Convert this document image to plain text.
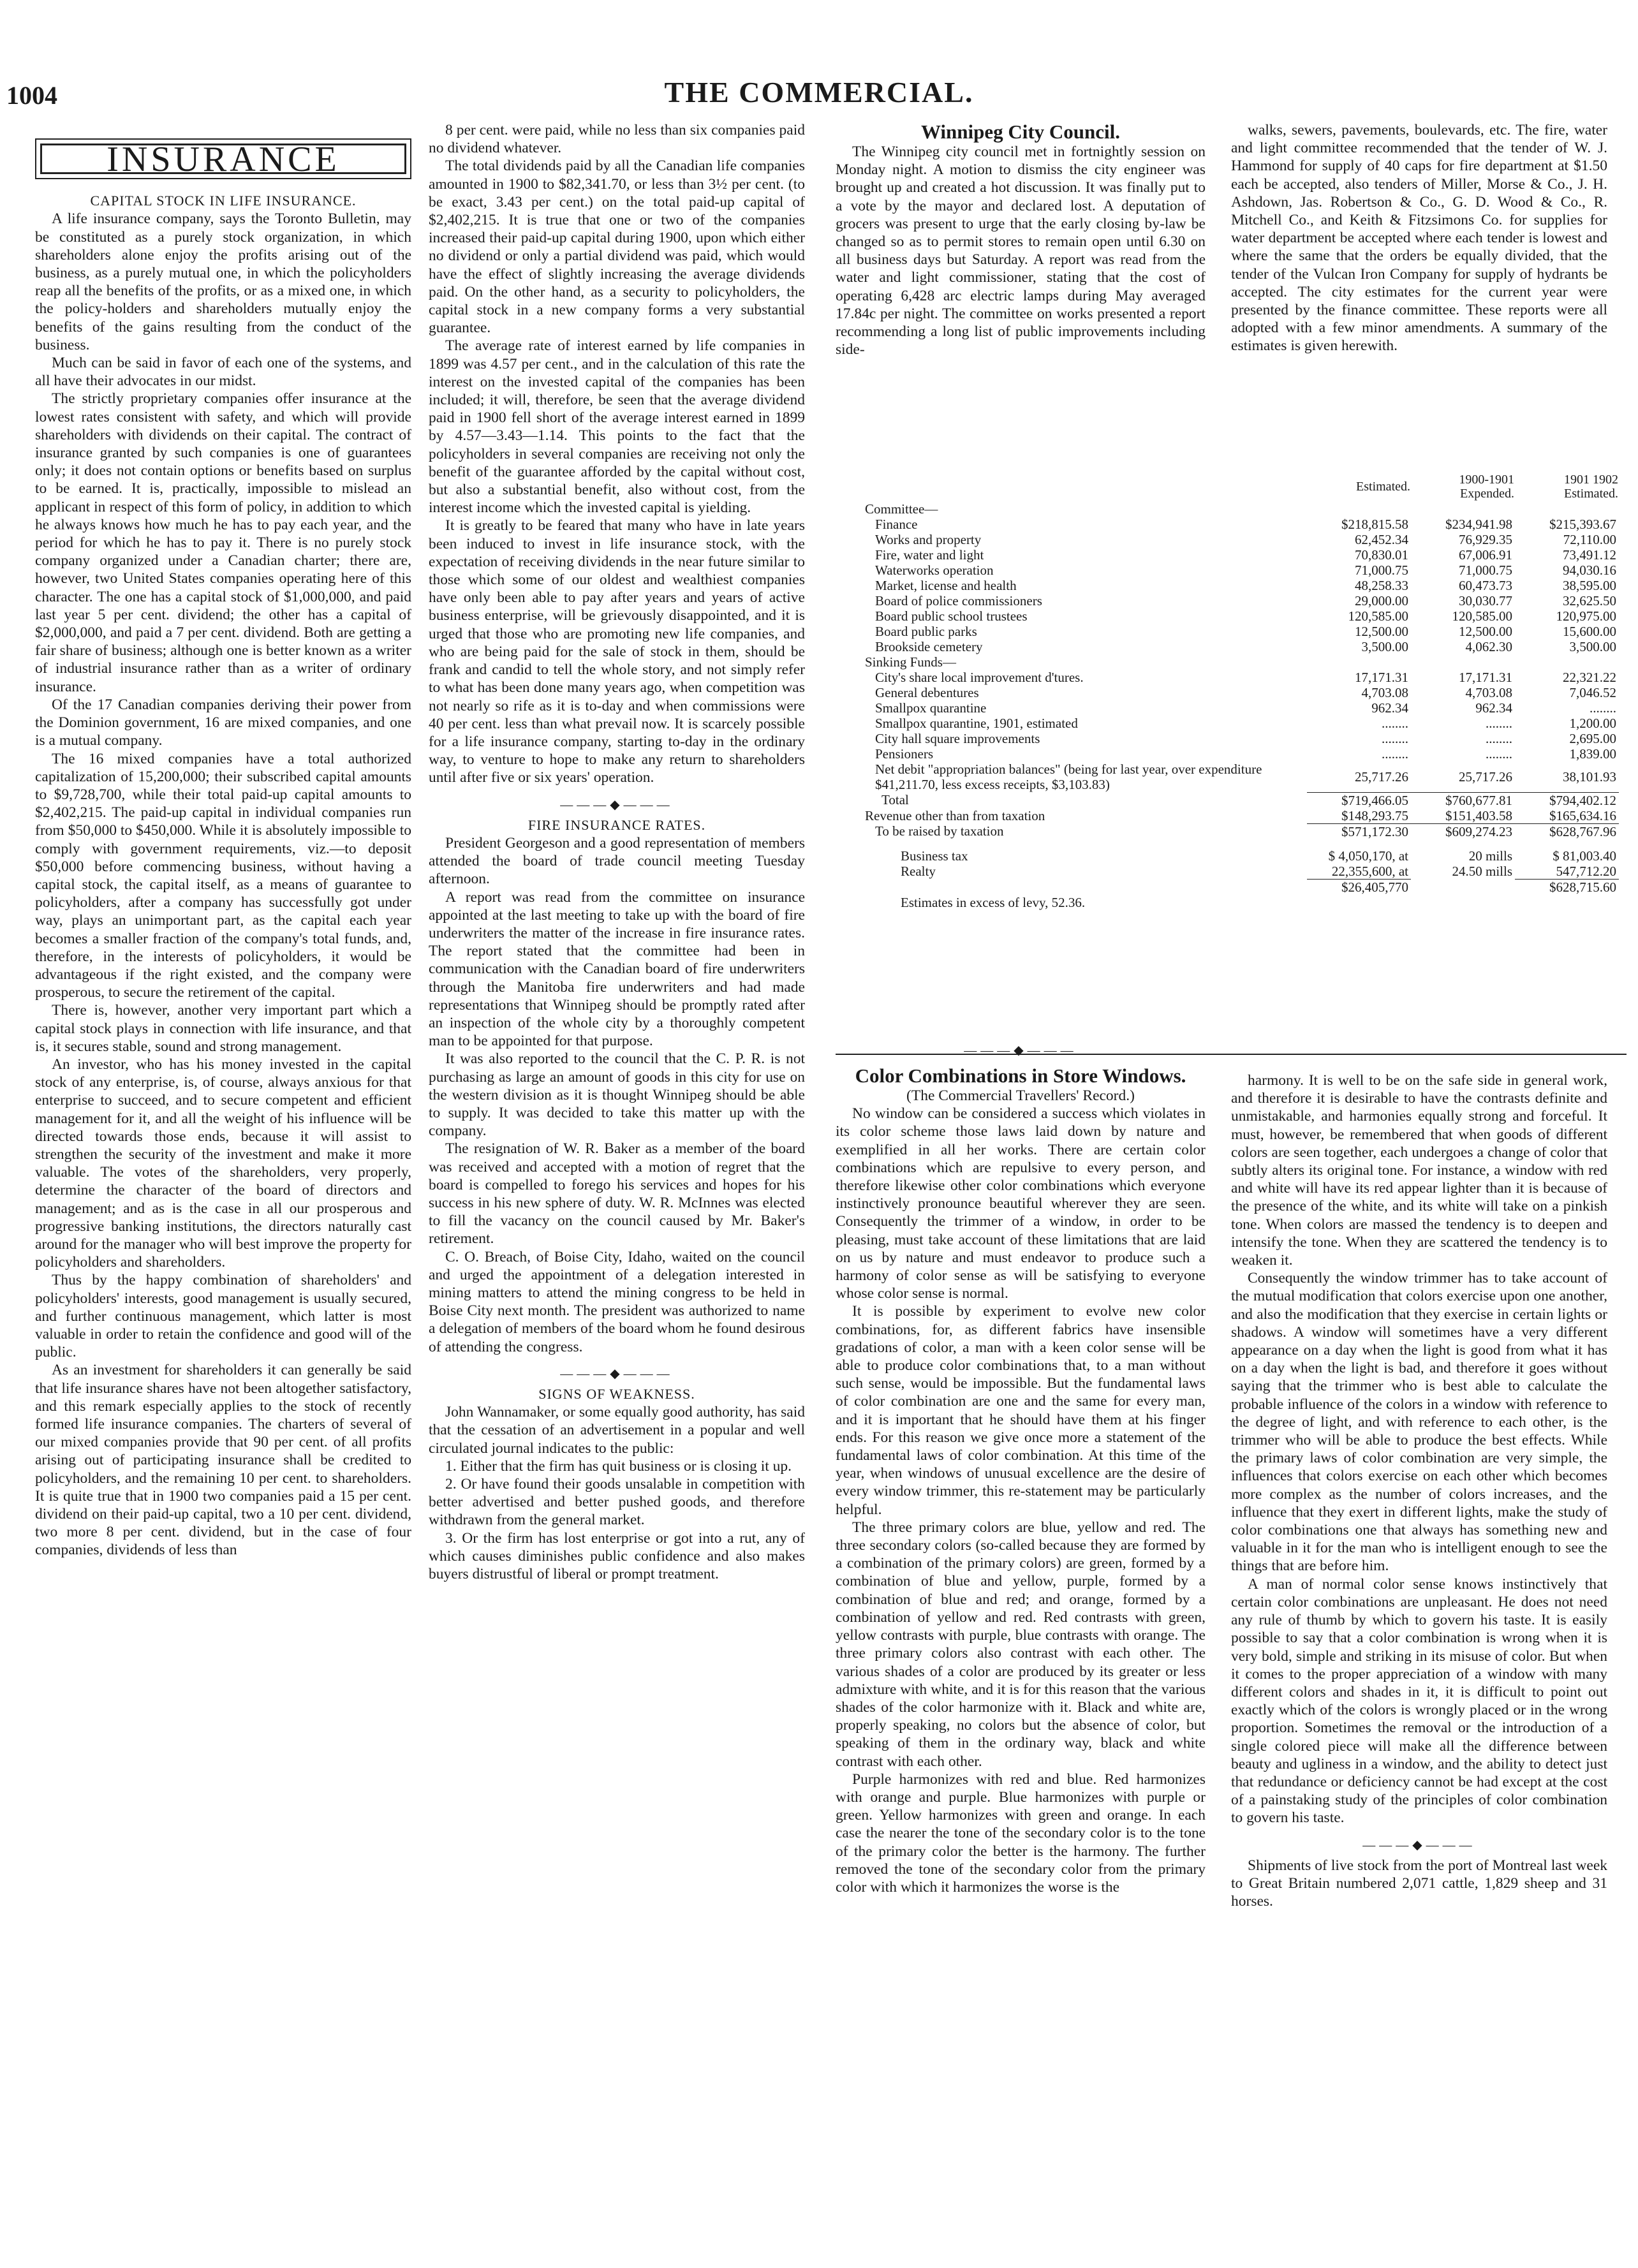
1004	THE COMMERCIAL.
INSURANCE

CAPITAL STOCK IN LIFE INSURANCE.

A life insurance company, says the Toronto Bulletin, may be constituted as a purely stock organization, in which shareholders alone enjoy the profits arising out of the business, as a purely mutual one, in which the policyholders reap all the benefits of the profits, or as a mixed one, in which the policy-holders and shareholders mutually enjoy the benefits of the gains resulting from the conduct of the business.

Much can be said in favor of each one of the systems, and all have their advocates in our midst.

The strictly proprietary companies offer insurance at the lowest rates consistent with safety, and which will provide shareholders with dividends on their capital. The contract of insurance granted by such companies is one of guarantees only; it does not contain options or benefits based on surplus to be earned. It is, practically, impossible to mislead an applicant in respect of this form of policy, in addition to which he always knows how much he has to pay each year, and the period for which he has to pay it. There is no purely stock company organized under a Canadian charter; there are, however, two United States companies operating here of this character. The one has a capital stock of $1,000,000, and paid last year 5 per cent. dividend; the other has a capital of $2,000,000, and paid a 7 per cent. dividend. Both are getting a fair share of business; although one is better known as a writer of industrial insurance rather than as a writer of ordinary insurance.

Of the 17 Canadian companies deriving their power from the Dominion government, 16 are mixed companies, and one is a mutual company.

The 16 mixed companies have a total authorized capitalization of 15,200,000; their subscribed capital amounts to $9,728,700, while their total paid-up capital amounts to $2,402,215. The paid-up capital in individual companies run from $50,000 to $450,000. While it is absolutely impossible to comply with government requirements, viz.—to deposit $50,000 before commencing business, without having a capital stock, the capital itself, as a means of guarantee to policyholders, after a company has successfully got under way, plays an unimportant part, as the capital each year becomes a smaller fraction of the company's total funds, and, therefore, in the interests of policyholders, it would be advantageous if the right existed, and the company were prosperous, to secure the retirement of the capital.

There is, however, another very important part which a capital stock plays in connection with life insurance, and that is, it secures stable, sound and strong management.

An investor, who has his money invested in the capital stock of any enterprise, is, of course, always anxious for that enterprise to succeed, and to secure competent and efficient management for it, and all the weight of his influence will be directed towards those ends, because it will assist to strengthen the security of the investment and make it more valuable. The votes of the shareholders, very properly, determine the character of the board of directors and management; and as is the case in all our prosperous and progressive banking institutions, the directors naturally cast around for the manager who will best improve the property for policyholders and shareholders.

Thus by the happy combination of shareholders' and policyholders' interests, good management is usually secured, and further continuous management, which latter is most valuable in order to retain the confidence and good will of the public.

As an investment for shareholders it can generally be said that life insurance shares have not been altogether satisfactory, and this remark especially applies to the stock of recently formed life insurance companies. The charters of several of our mixed companies provide that 90 per cent. of all profits arising out of participating insurance shall be credited to policyholders, and the remaining 10 per cent. to shareholders. It is quite true that in 1900 two companies paid a 15 per cent. dividend on their paid-up capital, two a 10 per cent. dividend, two more 8 per cent. dividend, but in the case of four companies, dividends of less than

8 per cent. were paid, while no less than six companies paid no dividend whatever.

The total dividends paid by all the Canadian life companies amounted in 1900 to $82,341.70, or less than 3½ per cent. (to be exact, 3.43 per cent.) on the total paid-up capital of $2,402,215. It is true that one or two of the companies increased their paid-up capital during 1900, upon which either no dividend or only a partial dividend was paid, which would have the effect of slightly increasing the average dividends paid. On the other hand, as a security to policyholders, the capital stock in a new company forms a very substantial guarantee.

The average rate of interest earned by life companies in 1899 was 4.57 per cent., and in the calculation of this rate the interest on the invested capital of the companies has been included; it will, therefore, be seen that the average dividend paid in 1900 fell short of the average interest earned in 1899 by 4.57—3.43—1.14. This points to the fact that the policyholders in several companies are receiving not only the benefit of the guarantee afforded by the capital without cost, but also a substantial benefit, also without cost, from the interest income which the invested capital is yielding.

It is greatly to be feared that many who have in late years been induced to invest in life insurance stock, with the expectation of receiving dividends in the near future similar to those which some of our oldest and wealthiest companies have only been able to pay after years and years of active business enterprise, will be grievously disappointed, and it is urged that those who are promoting new life companies, and who are being paid for the sale of stock in them, should be frank and candid to tell the whole story, and not simply refer to what has been done many years ago, when competition was not nearly so rife as it is to-day and when commissions were 40 per cent. less than what prevail now. It is scarcely possible for a life insurance company, starting to-day in the ordinary way, to venture to hope to make any return to shareholders until after five or six years' operation.

———◆———

FIRE INSURANCE RATES.

President Georgeson and a good representation of members attended the board of trade council meeting Tuesday afternoon.

A report was read from the committee on insurance appointed at the last meeting to take up with the board of fire underwriters the matter of the increase in fire insurance rates. The report stated that the committee had been in communication with the Canadian board of fire underwriters through the Manitoba fire underwriters and had made representations that Winnipeg should be promptly rated after an inspection of the whole city by a thoroughly competent man to be appointed for that purpose.

It was also reported to the council that the C. P. R. is not purchasing as large an amount of goods in this city for use on the western division as it is thought Winnipeg should be able to supply. It was decided to take this matter up with the company.

The resignation of W. R. Baker as a member of the board was received and accepted with a motion of regret that the board is compelled to forego his services and hopes for his success in his new sphere of duty. W. R. McInnes was elected to fill the vacancy on the council caused by Mr. Baker's retirement.

C. O. Breach, of Boise City, Idaho, waited on the council and urged the appointment of a delegation interested in mining matters to attend the mining congress to be held in Boise City next month. The president was authorized to name a delegation of members of the board whom he found desirous of attending the congress.

———◆———

SIGNS OF WEAKNESS.

John Wannamaker, or some equally good authority, has said that the cessation of an advertisement in a popular and well circulated journal indicates to the public:

1. Either that the firm has quit business or is closing it up.

2. Or have found their goods unsalable in competition with better advertised and better pushed goods, and therefore withdrawn from the general market.

3. Or the firm has lost enterprise or got into a rut, any of which causes diminishes public confidence and also makes buyers distrustful of liberal or prompt treatment.

Winnipeg City Council.

The Winnipeg city council met in fortnightly session on Monday night. A motion to dismiss the city engineer was brought up and created a hot discussion. It was finally put to a vote by the mayor and declared lost. A deputation of grocers was present to urge that the early closing by-law be changed so as to permit stores to remain open until 6.30 on all business days but Saturday. A report was read from the water and light commissioner, stating that the cost of operating 6,428 arc electric lamps during May averaged 17.84c per night. The committee on works presented a report recommending a long list of public improvements including side-

walks, sewers, pavements, boulevards, etc. The fire, water and light committee recommended that the tender of W. J. Hammond for supply of 40 caps for fire department at $1.50 each be accepted, also tenders of Miller, Morse & Co., J. H. Ashdown, Jas. Robertson & Co., G. D. Wood & Co., R. Mitchell Co., and Keith & Fitzsimons Co. for supplies for water department be accepted where each tender is lowest and where the same that the orders be equally divided, that the tender of the Vulcan Iron Company for supply of hydrants be accepted. The city estimates for the current year were presented by the finance committee. These reports were all adopted with a few minor amendments. A summary of the estimates is given herewith.

	Estimated.	1900-1901 Expended.	1901 1902 Estimated.
Committee—			
Finance	$218,815.58	$234,941.98	$215,393.67
Works and property	62,452.34	76,929.35	72,110.00
Fire, water and light	70,830.01	67,006.91	73,491.12
Waterworks operation	71,000.75	71,000.75	94,030.16
Market, license and health	48,258.33	60,473.73	38,595.00
Board of police commissioners	29,000.00	30,030.77	32,625.50
Board public school trustees	120,585.00	120,585.00	120,975.00
Board public parks	12,500.00	12,500.00	15,600.00
Brookside cemetery	3,500.00	4,062.30	3,500.00
Sinking Funds—			
City's share local improvement d'tures.	17,171.31	17,171.31	22,321.22
General debentures	4,703.08	4,703.08	7,046.52
Smallpox quarantine	962.34	962.34	........
Smallpox quarantine, 1901, estimated	........	........	1,200.00
City hall square improvements	........	........	2,695.00
Pensioners	........	........	1,839.00
Net debit "appropriation balances" (being for last year, over expenditure $41,211.70, less excess receipts, $3,103.83)	25,717.26	25,717.26	38,101.93
Total	$719,466.05	$760,677.81	$794,402.12
Revenue other than from taxation	$148,293.75	$151,403.58	$165,634.16
To be raised by taxation	$571,172.30	$609,274.23	$628,767.96

Business tax	$ 4,050,170, at	20 mills	$ 81,003.40
Realty	22,355,600, at	24.50 mills	547,712.20
	$26,405,770		$628,715.60
Estimates in excess of levy, 52.36.			
———◆———

Color Combinations in Store Windows.

(The Commercial Travellers' Record.)

No window can be considered a success which violates in its color scheme those laws laid down by nature and exemplified in all her works. There are certain color combinations which are repulsive to every person, and therefore likewise other color combinations which everyone instinctively pronounce beautiful wherever they are seen. Consequently the trimmer of a window, in order to be pleasing, must take account of these limitations that are laid on us by nature and must endeavor to produce such a harmony of color sense as will be satisfying to everyone whose color sense is normal.

It is possible by experiment to evolve new color combinations, for, as different fabrics have insensible gradations of color, a man with a keen color sense will be able to produce color combinations that, to a man without such sense, would be impossible. But the fundamental laws of color combination are one and the same for every man, and it is important that he should have them at his finger ends. For this reason we give once more a statement of the fundamental laws of color combination. At this time of the year, when windows of unusual excellence are the desire of every window trimmer, this re-statement may be particularly helpful.

The three primary colors are blue, yellow and red. The three secondary colors (so-called because they are formed by a combination of the primary colors) are green, formed by a combination of blue and yellow, purple, formed by a combination of blue and red; and orange, formed by a combination of yellow and red. Red contrasts with green, yellow contrasts with purple, blue contrasts with orange. The three primary colors also contrast with each other. The various shades of a color are produced by its greater or less admixture with white, and it is for this reason that the various shades of the color harmonize with it. Black and white are, properly speaking, no colors but the absence of color, but speaking of them in the ordinary way, black and white contrast with each other.

Purple harmonizes with red and blue. Red harmonizes with orange and purple. Blue harmonizes with purple or green. Yellow harmonizes with green and orange. In each case the nearer the tone of the secondary color is to the tone of the primary color the better is the harmony. The further removed the tone of the secondary color from the primary color with which it harmonizes the worse is the

harmony. It is well to be on the safe side in general work, and therefore it is desirable to have the contrasts definite and unmistakable, and harmonies equally strong and forceful. It must, however, be remembered that when goods of different colors are seen together, each undergoes a change of color that subtly alters its original tone. For instance, a window with red and white will have its red appear lighter than it is because of the presence of the white, and its white will take on a pinkish tone. When colors are massed the tendency is to deepen and intensify the tone. When they are scattered the tendency is to weaken it.

Consequently the window trimmer has to take account of the mutual modification that colors exercise upon one another, and also the modification that they exercise in certain lights or shadows. A window will sometimes have a very different appearance on a day when the light is good from what it has on a day when the light is bad, and therefore it goes without saying that the trimmer who is best able to calculate the probable influence of the colors in a window with reference to the degree of light, and with reference to each other, is the trimmer who will be able to produce the best effects. While the primary laws of color combination are very simple, the influences that colors exercise on each other which becomes more complex as the number of colors increases, and the influence that they exert in different lights, make the study of color combinations one that always has something new and valuable in it for the man who is intelligent enough to see the things that are before him.

A man of normal color sense knows instinctively that certain color combinations are unpleasant. He does not need any rule of thumb by which to govern his taste. It is easily possible to say that a color combination is wrong when it is very bold, simple and striking in its misuse of color. But when it comes to the proper appreciation of a window with many different colors and shades in it, it is difficult to point out exactly which of the colors is wrongly placed or in the wrong proportion. Sometimes the removal or the introduction of a single colored piece will make all the difference between beauty and ugliness in a window, and the ability to detect just that redundance or deficiency cannot be had except at the cost of a painstaking study of the principles of color combination to govern his taste.

———◆———

Shipments of live stock from the port of Montreal last week to Great Britain numbered 2,071 cattle, 1,829 sheep and 31 horses.
